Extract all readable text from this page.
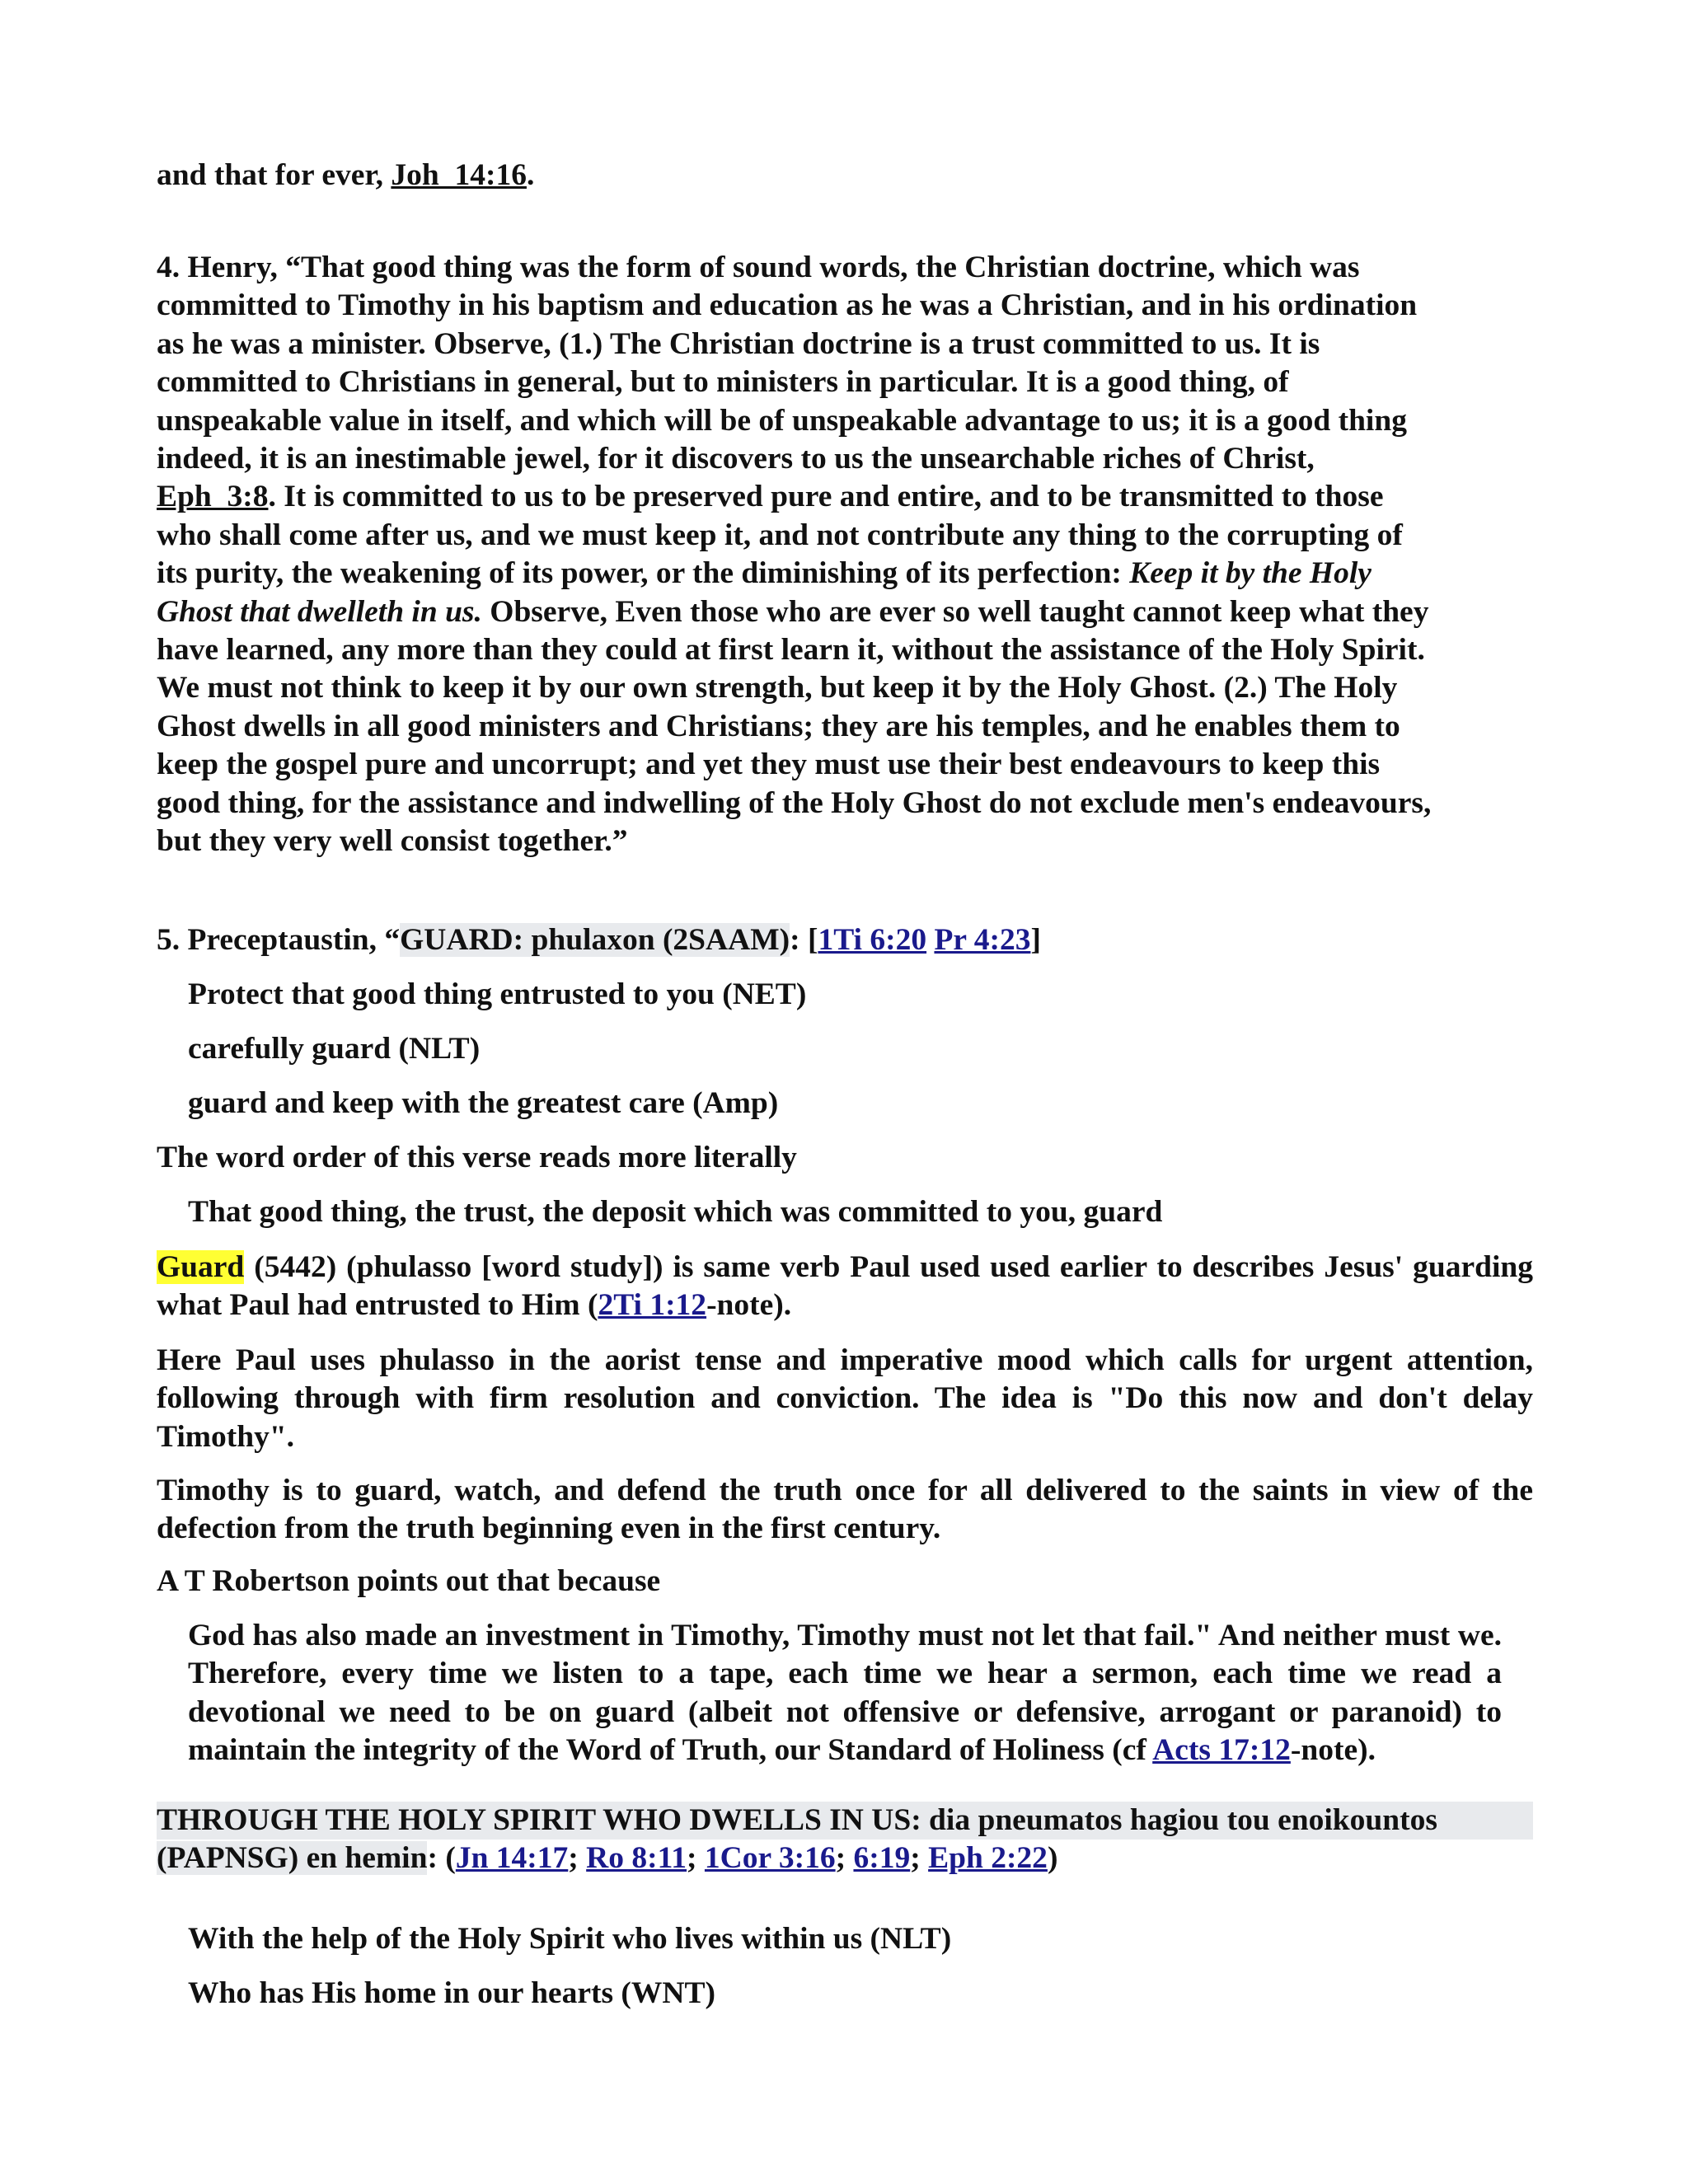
and that for ever, Joh_14:16.

4. Henry, “That good thing was the form of sound words, the Christian doctrine, which was
committed to Timothy in his baptism and education as he was a Christian, and in his ordination
as he was a minister. Observe, (1.) The Christian doctrine is a trust committed to us. It is
committed to Christians in general, but to ministers in particular. It is a good thing, of
unspeakable value in itself, and which will be of unspeakable advantage to us; it is a good thing
indeed, it is an inestimable jewel, for it discovers to us the unsearchable riches of Christ,
Eph_3:8. It is committed to us to be preserved pure and entire, and to be transmitted to those
who shall come after us, and we must keep it, and not contribute any thing to the corrupting of
its purity, the weakening of its power, or the diminishing of its perfection: Keep it by the Holy
Ghost that dwelleth in us. Observe, Even those who are ever so well taught cannot keep what they
have learned, any more than they could at first learn it, without the assistance of the Holy Spirit.
We must not think to keep it by our own strength, but keep it by the Holy Ghost. (2.) The Holy
Ghost dwells in all good ministers and Christians; they are his temples, and he enables them to
keep the gospel pure and uncorrupt; and yet they must use their best endeavours to keep this
good thing, for the assistance and indwelling of the Holy Ghost do not exclude men's endeavours,
but they very well consist together.”

5. Preceptaustin, “GUARD: phulaxon (2SAAM): [1Ti 6:20 Pr 4:23]

Protect that good thing entrusted to you (NET)

carefully guard (NLT)

guard and keep with the greatest care (Amp)

The word order of this verse reads more literally

That good thing, the trust, the deposit which was committed to you, guard

Guard (5442) (phulasso [word study]) is same verb Paul used used earlier to describes Jesus' guarding what Paul had entrusted to Him (2Ti 1:12-note).

Here Paul uses phulasso in the aorist tense and imperative mood which calls for urgent attention, following through with firm resolution and conviction. The idea is "Do this now and don't delay Timothy".

Timothy is to guard, watch, and defend the truth once for all delivered to the saints in view of the defection from the truth beginning even in the first century.

A T Robertson points out that because

God has also made an investment in Timothy, Timothy must not let that fail." And neither must we. Therefore, every time we listen to a tape, each time we hear a sermon, each time we read a devotional we need to be on guard (albeit not offensive or defensive, arrogant or paranoid) to maintain the integrity of the Word of Truth, our Standard of Holiness (cf Acts 17:12-note).

THROUGH THE HOLY SPIRIT WHO DWELLS IN US: dia pneumatos hagiou tou enoikountos
(PAPNSG) en hemin: (Jn 14:17; Ro 8:11; 1Cor 3:16; 6:19; Eph 2:22)

With the help of the Holy Spirit who lives within us (NLT)

Who has His home in our hearts (WNT)
